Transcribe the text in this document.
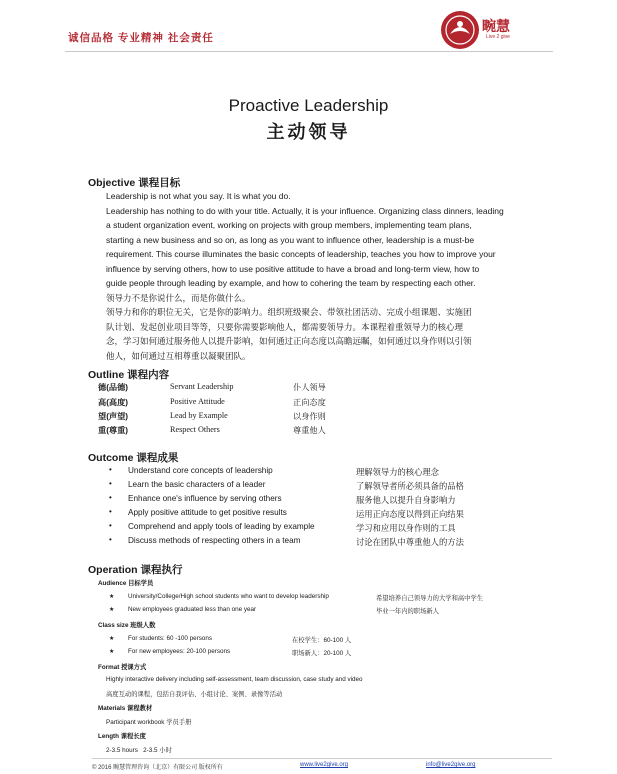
诚信品格 专业精神 社会责任
畹慧
Live 2 give
Proactive Leadership
主动领导
Objective 课程目标
Leadership is not what you say. It is what you do.
Leadership has nothing to do with your title. Actually, it is your influence. Organizing class dinners, leading
a student organization event, working on projects with group members, implementing team plans,
starting a new business and so on, as long as you want to influence other, leadership is a must-be
requirement. This course illuminates the basic concepts of leadership, teaches you how to improve your
influence by serving others, how to use positive attitude to have a broad and long-term view, how to
guide people through leading by example, and how to cohering the team by respecting each other.
领导力不是你说什么，而是你做什么。
领导力和你的职位无关，它是你的影响力。组织班级聚会、带领社团活动、完成小组课题、实施团
队计划、发起创业项目等等，只要你需要影响他人，都需要领导力。本课程着重领导力的核心理
念，学习如何通过服务他人以提升影响，如何通过正向态度以高瞻远瞩，如何通过以身作则以引领
他人，如何通过互相尊重以凝聚团队。
Outline 课程内容
德(品德)	Servant Leadership	仆人领导
高(高度)	Positive Attitude	正向态度
望(声望)	Lead by Example	以身作则
重(尊重)	Respect Others	尊重他人
Outcome 课程成果
• Understand core concepts of leadership	理解领导力的核心理念
• Learn the basic characters of a leader	了解领导者所必须具备的品格
• Enhance one's influence by serving others	服务他人以提升自身影响力
• Apply positive attitude to get positive results	运用正向态度以得到正向结果
• Comprehend and apply tools of leading by example	学习和应用以身作则的工具
• Discuss methods of respecting others in a team	讨论在团队中尊重他人的方法
Operation 课程执行
Audience 目标学员
★ University/College/High school students who want to develop leadership	希望培养自己领导力的大学和高中学生
★ New employees graduated less than one year	毕业一年内的职场新人
Class size 班级人数
★ For students: 60 -100 persons	在校学生：60-100 人
★ For new employees: 20-100 persons	职场新人：20-100 人
Format 授课方式
Highly interactive delivery including self-assessment, team discussion, case study and video
高度互动的课程，包括自我评估、小组讨论、案例、录像等活动
Materials 课程教材
Participant workbook 学员手册
Length 课程长度
2-3.5 hours   2-3.5 小时
© 2016 畹慧管理咨询（北京）有限公司 版权所有	www.live2give.org	info@live2give.org
